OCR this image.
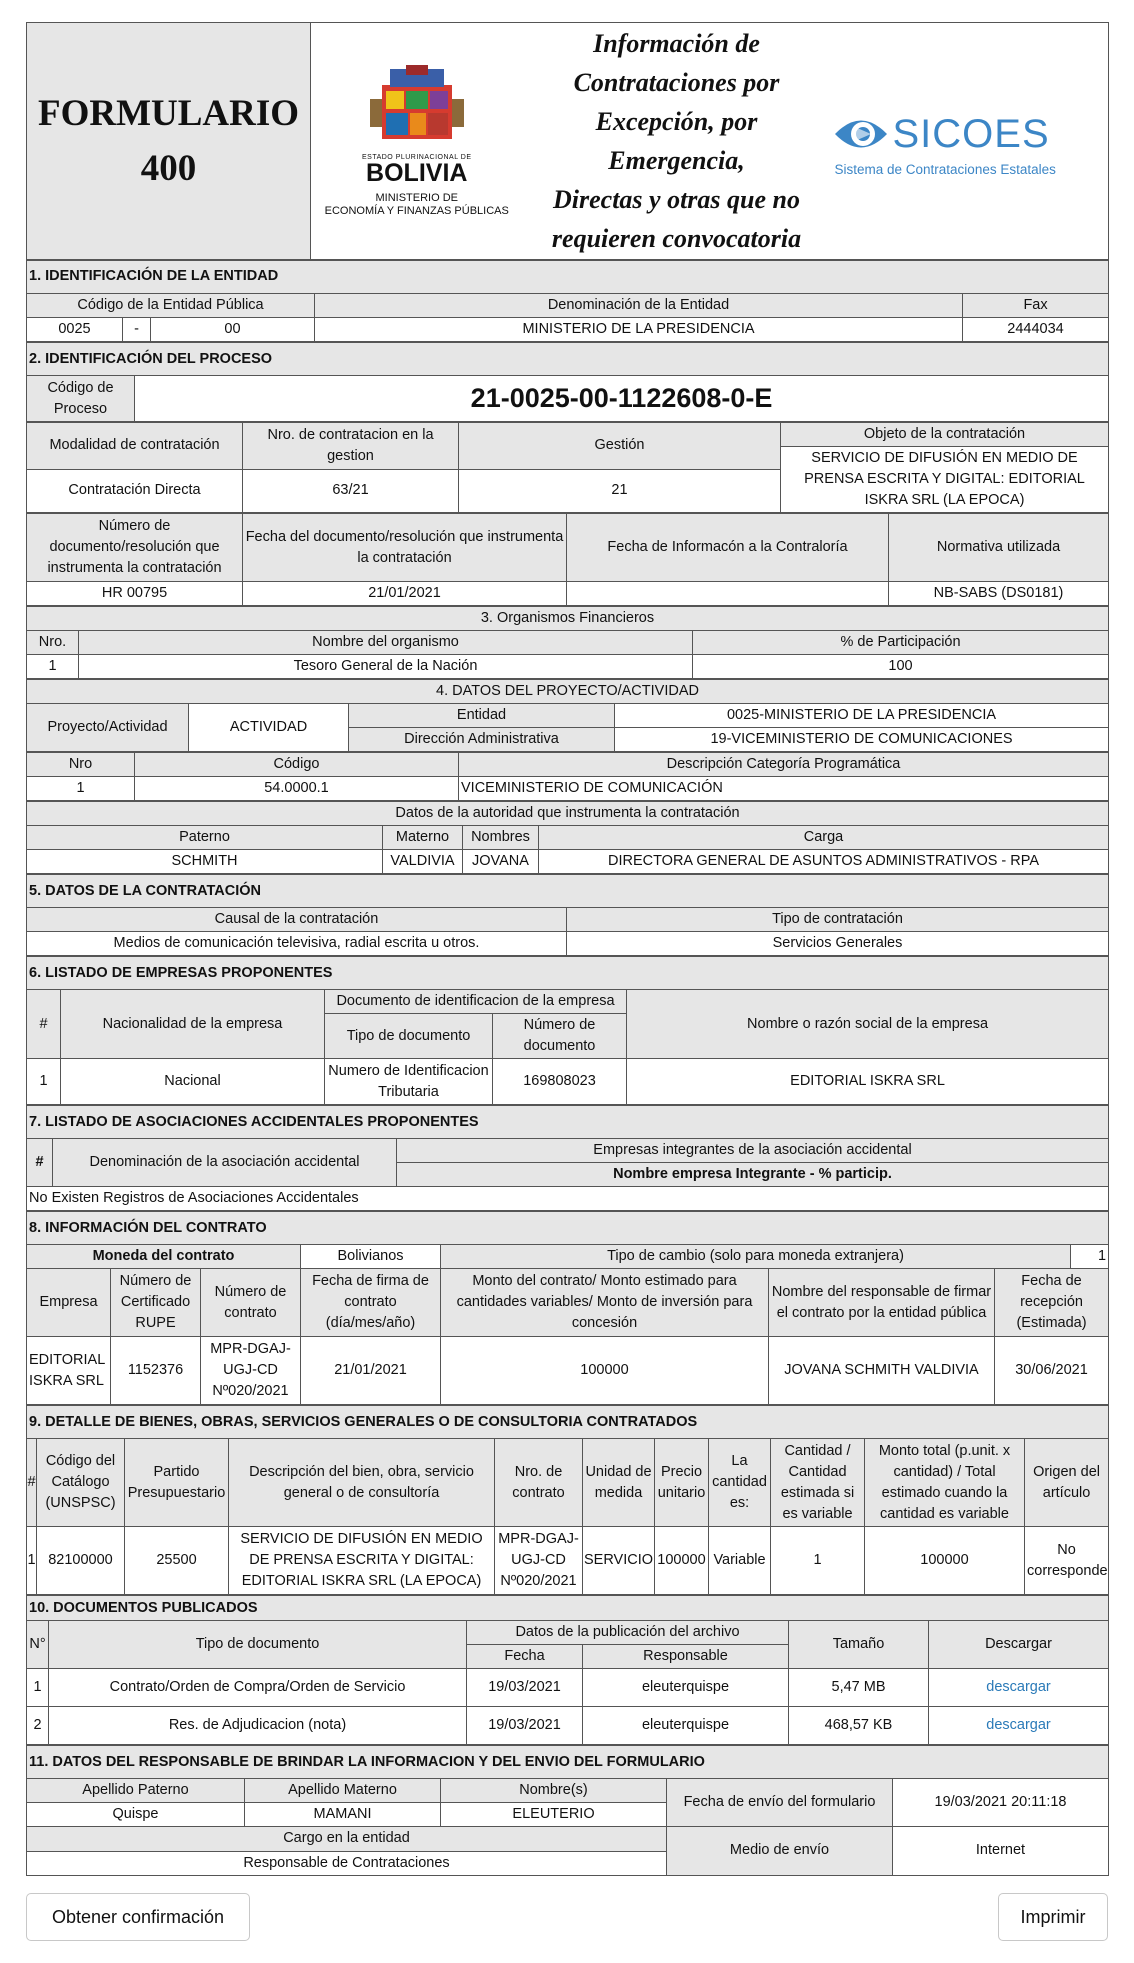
FORMULARIO
400	ESTADO PLURINACIONAL DE
BOLIVIA
MINISTERIO DE
ECONOMÍA Y FINANZAS PÚBLICAS

Información de
Contrataciones por
Excepción, por Emergencia,
Directas y otras que no
requieren convocatoria

SICOES
Sistema de Contrataciones Estatales
1. IDENTIFICACIÓN DE LA ENTIDAD				
Código de la Entidad Pública			Denominación de la Entidad	Fax
0025	-	00	MINISTERIO DE LA PRESIDENCIA	2444034
2. IDENTIFICACIÓN DEL PROCESO
Código de Proceso	21-0025-00-1122608-0-E
Modalidad de contratación	Nro. de contratacion en la gestion	Gestión	Objeto de la contratación
			SERVICIO DE DIFUSIÓN EN MEDIO DE PRENSA ESCRITA Y DIGITAL: EDITORIAL ISKRA SRL (LA EPOCA)
Contratación Directa	63/21	21	
Número de documento/resolución que instrumenta la contratación	Fecha del documento/resolución que instrumenta la contratación	Fecha de Informacón a la Contraloría	Normativa utilizada
HR 00795	21/01/2021		NB-SABS (DS0181)
3. Organismos Financieros		
Nro.	Nombre del organismo	% de Participación
1	Tesoro General de la Nación	100
4. DATOS DEL PROYECTO/ACTIVIDAD			
Proyecto/Actividad	ACTIVIDAD	Entidad	0025-MINISTERIO DE LA PRESIDENCIA
		Dirección Administrativa	19-VICEMINISTERIO DE COMUNICACIONES
Nro	Código	Descripción Categoría Programática
1	54.0000.1	VICEMINISTERIO DE COMUNICACIÓN
Datos de la autoridad que instrumenta la contratación			
Paterno	Materno	Nombres	Carga
SCHMITH	VALDIVIA	JOVANA	DIRECTORA GENERAL DE ASUNTOS ADMINISTRATIVOS - RPA
5. DATOS DE LA CONTRATACIÓN	
Causal de la contratación	Tipo de contratación
Medios de comunicación televisiva, radial escrita u otros.	Servicios Generales
6. LISTADO DE EMPRESAS PROPONENTES				
#	Nacionalidad de la empresa	Documento de identificacion de la empresa		Nombre o razón social de la empresa
		Tipo de documento	Número de documento	
1	Nacional	Numero de Identificacion Tributaria	169808023	EDITORIAL ISKRA SRL
7. LISTADO DE ASOCIACIONES ACCIDENTALES PROPONENTES
#	Denominación de la asociación accidental	Empresas integrantes de la asociación accidental
Nombre empresa Integrante - % particip.
No Existen Registros de Asociaciones Accidentales
8. INFORMACIÓN DEL CONTRATO							
Moneda del contrato			Bolivianos	Tipo de cambio (solo para moneda extranjera)			1
Empresa	Número de Certificado RUPE	Número de contrato	Fecha de firma de contrato (día/mes/año)	Monto del contrato/ Monto estimado para cantidades variables/ Monto de inversión para concesión	Nombre del responsable de firmar el contrato por la entidad pública	Fecha de recepción (Estimada)	
EDITORIAL ISKRA SRL	1152376	MPR-DGAJ-UGJ-CD Nº020/2021	21/01/2021	100000	JOVANA SCHMITH VALDIVIA	30/06/2021	
9. DETALLE DE BIENES, OBRAS, SERVICIOS GENERALES O DE CONSULTORIA CONTRATADOS										
#	Código del Catálogo (UNSPSC)	Partido Presupuestario	Descripción del bien, obra, servicio general o de consultoría	Nro. de contrato	Unidad de medida	Precio unitario	La cantidad es:	Cantidad / Cantidad estimada si es variable	Monto total (p.unit. x cantidad) / Total estimado cuando la cantidad es variable	Origen del artículo
1	82100000	25500	SERVICIO DE DIFUSIÓN EN MEDIO DE PRENSA ESCRITA Y DIGITAL: EDITORIAL ISKRA SRL (LA EPOCA)	MPR-DGAJ-UGJ-CD Nº020/2021	SERVICIO	100000	Variable	1	100000	No corresponde
10. DOCUMENTOS PUBLICADOS					
N°	Tipo de documento	Datos de la publicación del archivo		Tamaño	Descargar
		Fecha	Responsable		
1	Contrato/Orden de Compra/Orden de Servicio	19/03/2021	eleuterquispe	5,47 MB	descargar
2	Res. de Adjudicacion (nota)	19/03/2021	eleuterquispe	468,57 KB	descargar
11. DATOS DEL RESPONSABLE DE BRINDAR LA INFORMACION Y DEL ENVIO DEL FORMULARIO				
Apellido Paterno	Apellido Materno	Nombre(s)	Fecha de envío del formulario	19/03/2021 20:11:18
Quispe	MAMANI	ELEUTERIO		
Cargo en la entidad			Medio de envío	Internet
Responsable de Contrataciones				
Obtener confirmación	Imprimir
